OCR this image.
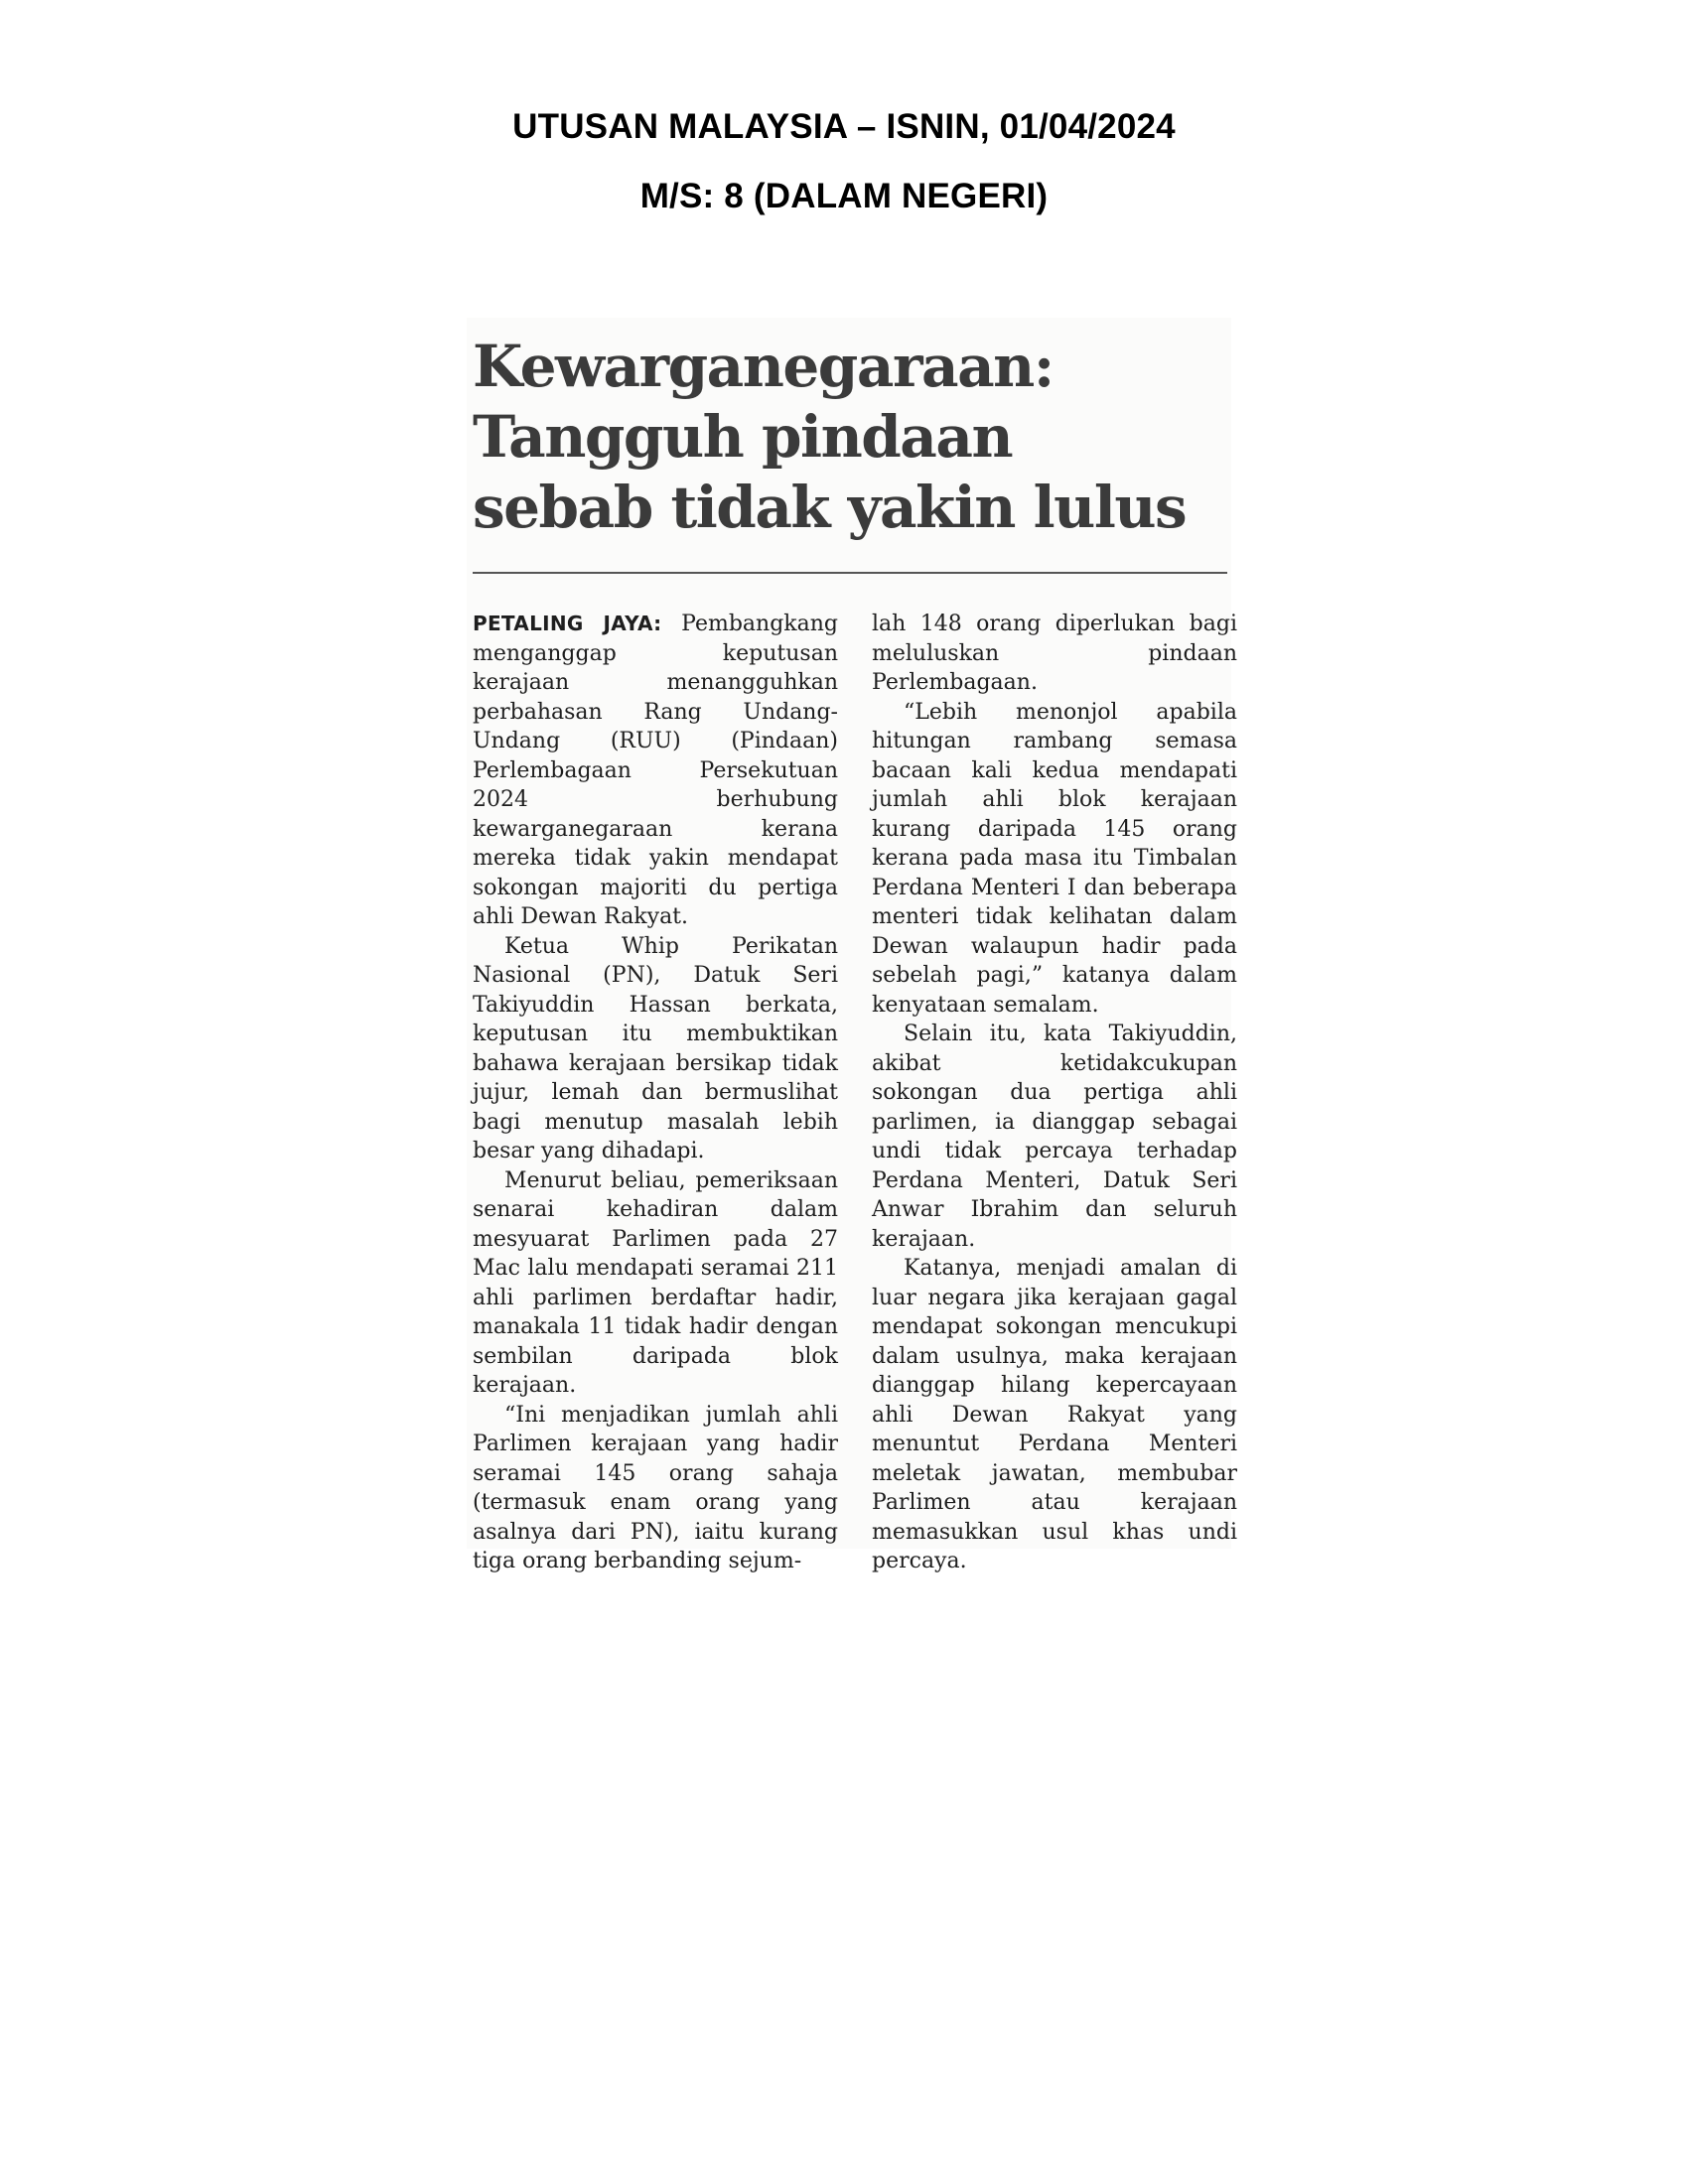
UTUSAN MALAYSIA – ISNIN, 01/04/2024
M/S: 8 (DALAM NEGERI)
Kewarganegaraan:
Tangguh pindaan
sebab tidak yakin lulus

PETALING JAYA: Pembangkang menganggap keputusan kerajaan menangguhkan perbahasan Rang Undang-Undang (RUU) (Pindaan) Perlembagaan Persekutuan 2024 berhubung kewarganegaraan kerana mereka tidak yakin mendapat sokongan majoriti du pertiga ahli Dewan Rakyat.

Ketua Whip Perikatan Nasional (PN), Datuk Seri Takiyuddin Hassan berkata, keputusan itu membuktikan bahawa kerajaan bersikap tidak jujur, lemah dan bermuslihat bagi menutup masalah lebih besar yang dihadapi.

Menurut beliau, pemeriksaan senarai kehadiran dalam mesyuarat Parlimen pada 27 Mac lalu mendapati seramai 211 ahli parlimen berdaftar hadir, manakala 11 tidak hadir dengan sembilan daripada blok kerajaan.

“Ini menjadikan jumlah ahli Parlimen kerajaan yang hadir seramai 145 orang sahaja (termasuk enam orang yang asalnya dari PN), iaitu kurang tiga orang berbanding sejum-

lah 148 orang diperlukan bagi meluluskan pindaan Perlembagaan.

“Lebih menonjol apabila hitungan rambang semasa bacaan kali kedua mendapati jumlah ahli blok kerajaan kurang daripada 145 orang kerana pada masa itu Timbalan Perdana Menteri I dan beberapa menteri tidak kelihatan dalam Dewan walaupun hadir pada sebelah pagi,” katanya dalam kenyataan semalam.

Selain itu, kata Takiyuddin, akibat ketidakcukupan sokongan dua pertiga ahli parlimen, ia dianggap sebagai undi tidak percaya terhadap Perdana Menteri, Datuk Seri Anwar Ibrahim dan seluruh kerajaan.

Katanya, menjadi amalan di luar negara jika kerajaan gagal mendapat sokongan mencukupi dalam usulnya, maka kerajaan dianggap hilang kepercayaan ahli Dewan Rakyat yang menuntut Perdana Menteri meletak jawatan, membubar Parlimen atau kerajaan memasukkan usul khas undi percaya.
